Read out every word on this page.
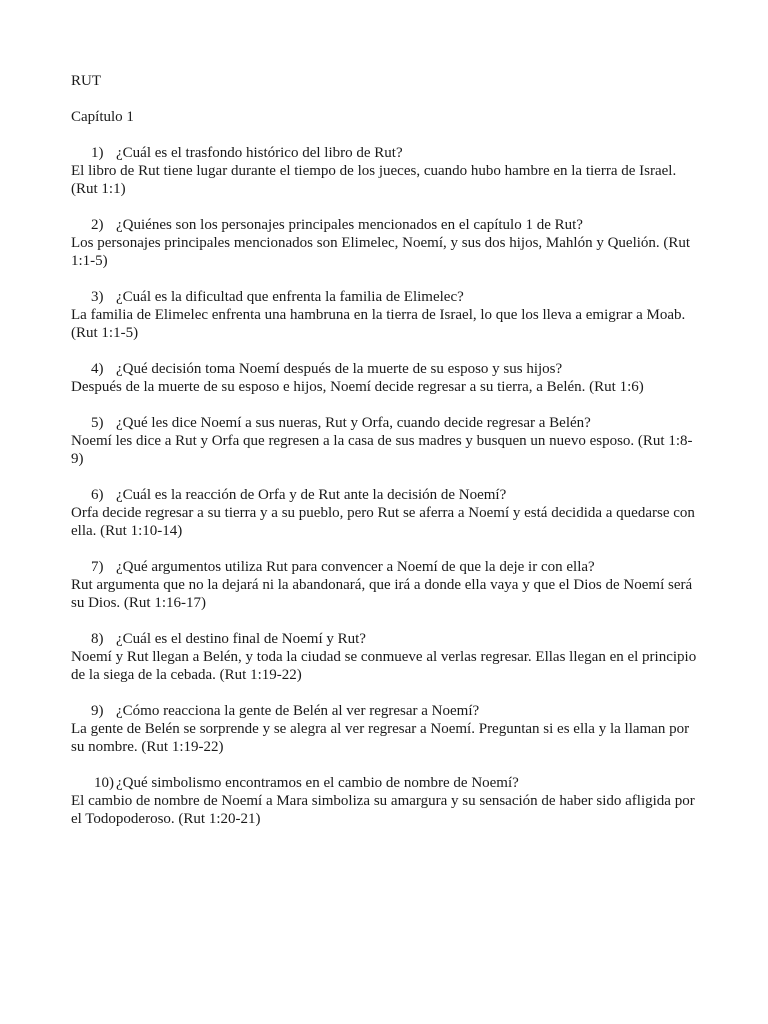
RUT
Capítulo 1
1) ¿Cuál es el trasfondo histórico del libro de Rut?

El libro de Rut tiene lugar durante el tiempo de los jueces, cuando hubo hambre en la tierra de Israel. (Rut 1:1)

2) ¿Quiénes son los personajes principales mencionados en el capítulo 1 de Rut?

Los personajes principales mencionados son Elimelec, Noemí, y sus dos hijos, Mahlón y Quelión. (Rut 1:1-5)

3) ¿Cuál es la dificultad que enfrenta la familia de Elimelec?

La familia de Elimelec enfrenta una hambruna en la tierra de Israel, lo que los lleva a emigrar a Moab. (Rut 1:1-5)

4) ¿Qué decisión toma Noemí después de la muerte de su esposo y sus hijos?

Después de la muerte de su esposo e hijos, Noemí decide regresar a su tierra, a Belén. (Rut 1:6)

5) ¿Qué les dice Noemí a sus nueras, Rut y Orfa, cuando decide regresar a Belén?

Noemí les dice a Rut y Orfa que regresen a la casa de sus madres y busquen un nuevo esposo. (Rut 1:8-9)

6) ¿Cuál es la reacción de Orfa y de Rut ante la decisión de Noemí?

Orfa decide regresar a su tierra y a su pueblo, pero Rut se aferra a Noemí y está decidida a quedarse con ella. (Rut 1:10-14)

7) ¿Qué argumentos utiliza Rut para convencer a Noemí de que la deje ir con ella?

Rut argumenta que no la dejará ni la abandonará, que irá a donde ella vaya y que el Dios de Noemí será su Dios. (Rut 1:16-17)

8) ¿Cuál es el destino final de Noemí y Rut?

Noemí y Rut llegan a Belén, y toda la ciudad se conmueve al verlas regresar. Ellas llegan en el principio de la siega de la cebada. (Rut 1:19-22)

9) ¿Cómo reacciona la gente de Belén al ver regresar a Noemí?

La gente de Belén se sorprende y se alegra al ver regresar a Noemí. Preguntan si es ella y la llaman por su nombre. (Rut 1:19-22)

10) ¿Qué simbolismo encontramos en el cambio de nombre de Noemí?

El cambio de nombre de Noemí a Mara simboliza su amargura y su sensación de haber sido afligida por el Todopoderoso. (Rut 1:20-21)
